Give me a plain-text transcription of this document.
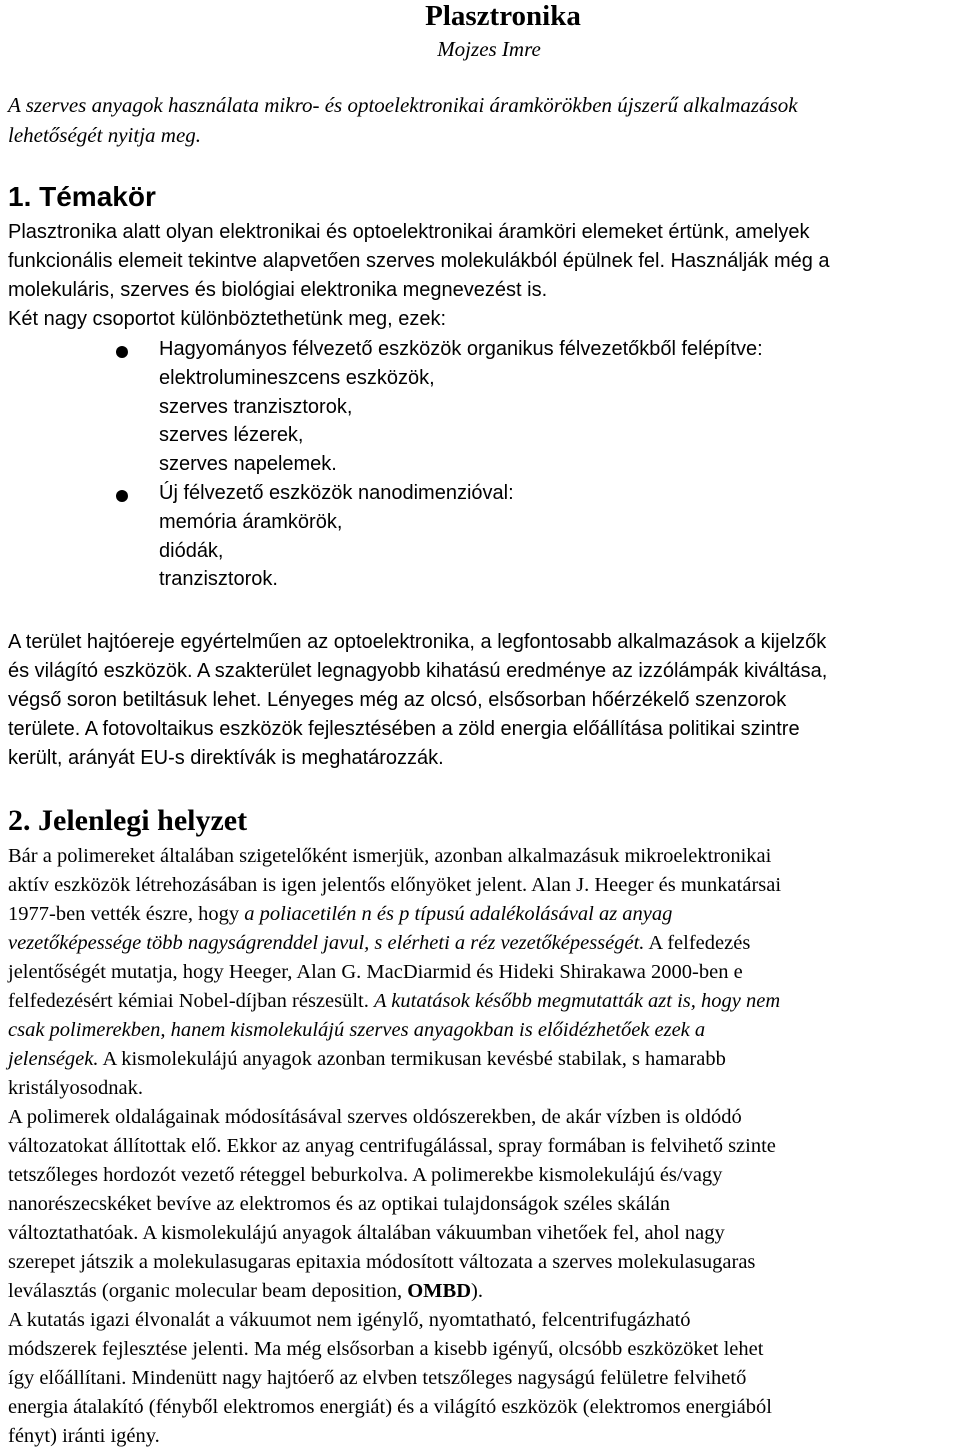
Plasztronika
Mojzes Imre
A szerves anyagok használata mikro- és optoelektronikai áramkörökben újszerű alkalmazások
lehetőségét nyitja meg.
1. Témakör
Plasztronika alatt olyan elektronikai és optoelektronikai áramköri elemeket értünk, amelyek
funkcionális elemeit tekintve alapvetően szerves molekulákból épülnek fel. Használják még a
molekuláris, szerves és biológiai elektronika megnevezést is.
Két nagy csoportot különböztethetünk meg, ezek:
Hagyományos félvezető eszközök organikus félvezetőkből felépítve:
elektrolumineszcens eszközök,
szerves tranzisztorok,
szerves lézerek,
szerves napelemek.
Új félvezető eszközök nanodimenzióval:
memória áramkörök,
diódák,
tranzisztorok.
A terület hajtóereje egyértelműen az optoelektronika, a legfontosabb alkalmazások a kijelzők
és világító eszközök. A szakterület legnagyobb kihatású eredménye az izzólámpák kiváltása,
végső soron betiltásuk lehet. Lényeges még az olcsó, elsősorban hőérzékelő szenzorok
területe. A fotovoltaikus eszközök fejlesztésében a zöld energia előállítása politikai szintre
került, arányát EU-s direktívák is meghatározzák.
2. Jelenlegi helyzet
Bár a polimereket általában szigetelőként ismerjük, azonban alkalmazásuk mikroelektronikai
aktív eszközök létrehozásában is igen jelentős előnyöket jelent. Alan J. Heeger és munkatársai
1977-ben vették észre, hogy a poliacetilén n és p típusú adalékolásával az anyag
vezetőképessége több nagyságrenddel javul, s elérheti a réz vezetőképességét. A felfedezés
jelentőségét mutatja, hogy Heeger, Alan G. MacDiarmid és Hideki Shirakawa 2000-ben e
felfedezésért kémiai Nobel-díjban részesült. A kutatások később megmutatták azt is, hogy nem
csak polimerekben, hanem kismolekulájú szerves anyagokban is előidézhetőek ezek a
jelenségek. A kismolekulájú anyagok azonban termikusan kevésbé stabilak, s hamarabb
kristályosodnak.
A polimerek oldalágainak módosításával szerves oldószerekben, de akár vízben is oldódó
változatokat állítottak elő. Ekkor az anyag centrifugálással, spray formában is felvihető szinte
tetszőleges hordozót vezető réteggel beburkolva. A polimerekbe kismolekulájú és/vagy
nanorészecskéket bevíve az elektromos és az optikai tulajdonságok széles skálán
változtathatóak. A kismolekulájú anyagok általában vákuumban vihetőek fel, ahol nagy
szerepet játszik a molekulasugaras epitaxia módosított változata a szerves molekulasugaras
leválasztás (organic molecular beam deposition, OMBD).
A kutatás igazi élvonalát a vákuumot nem igénylő, nyomtatható, felcentrifugázható
módszerek fejlesztése jelenti. Ma még elsősorban a kisebb igényű, olcsóbb eszközöket lehet
így előállítani. Mindenütt nagy hajtóerő az elvben tetszőleges nagyságú felületre felvihető
energia átalakító (fényből elektromos energiát) és a világító eszközök (elektromos energiából
fényt) iránti igény.
